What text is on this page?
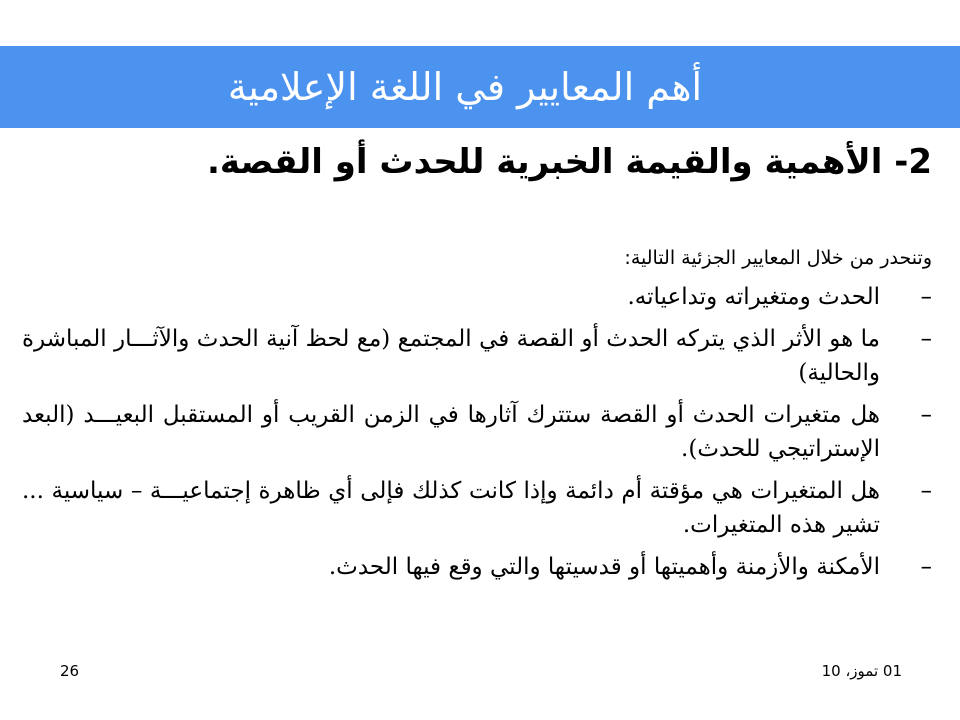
أهم المعايير في اللغة الإعلامية
2- الأهمية والقيمة الخبرية للحدث أو القصة.
وتنحدر من خلال المعايير الجزئية التالية:
–
الحدث ومتغيراته وتداعياته.
–
ما هو الأثر الذي يتركه الحدث أو القصة في المجتمع (مع لحظ آنية الحدث والآثـــار المباشرة والحالية)
–
هل متغيرات الحدث أو القصة ستترك آثارها في الزمن القريب أو المستقبل البعيـــد (البعد الإستراتيجي للحدث).
–
هل المتغيرات هي مؤقتة أم دائمة وإذا كانت كذلك فإلى أي ظاهرة إجتماعيـــة – سياسية ... تشير هذه المتغيرات.
–
الأمكنة والأزمنة وأهميتها أو قدسيتها والتي وقع فيها الحدث.
01 تموز، 10
26
